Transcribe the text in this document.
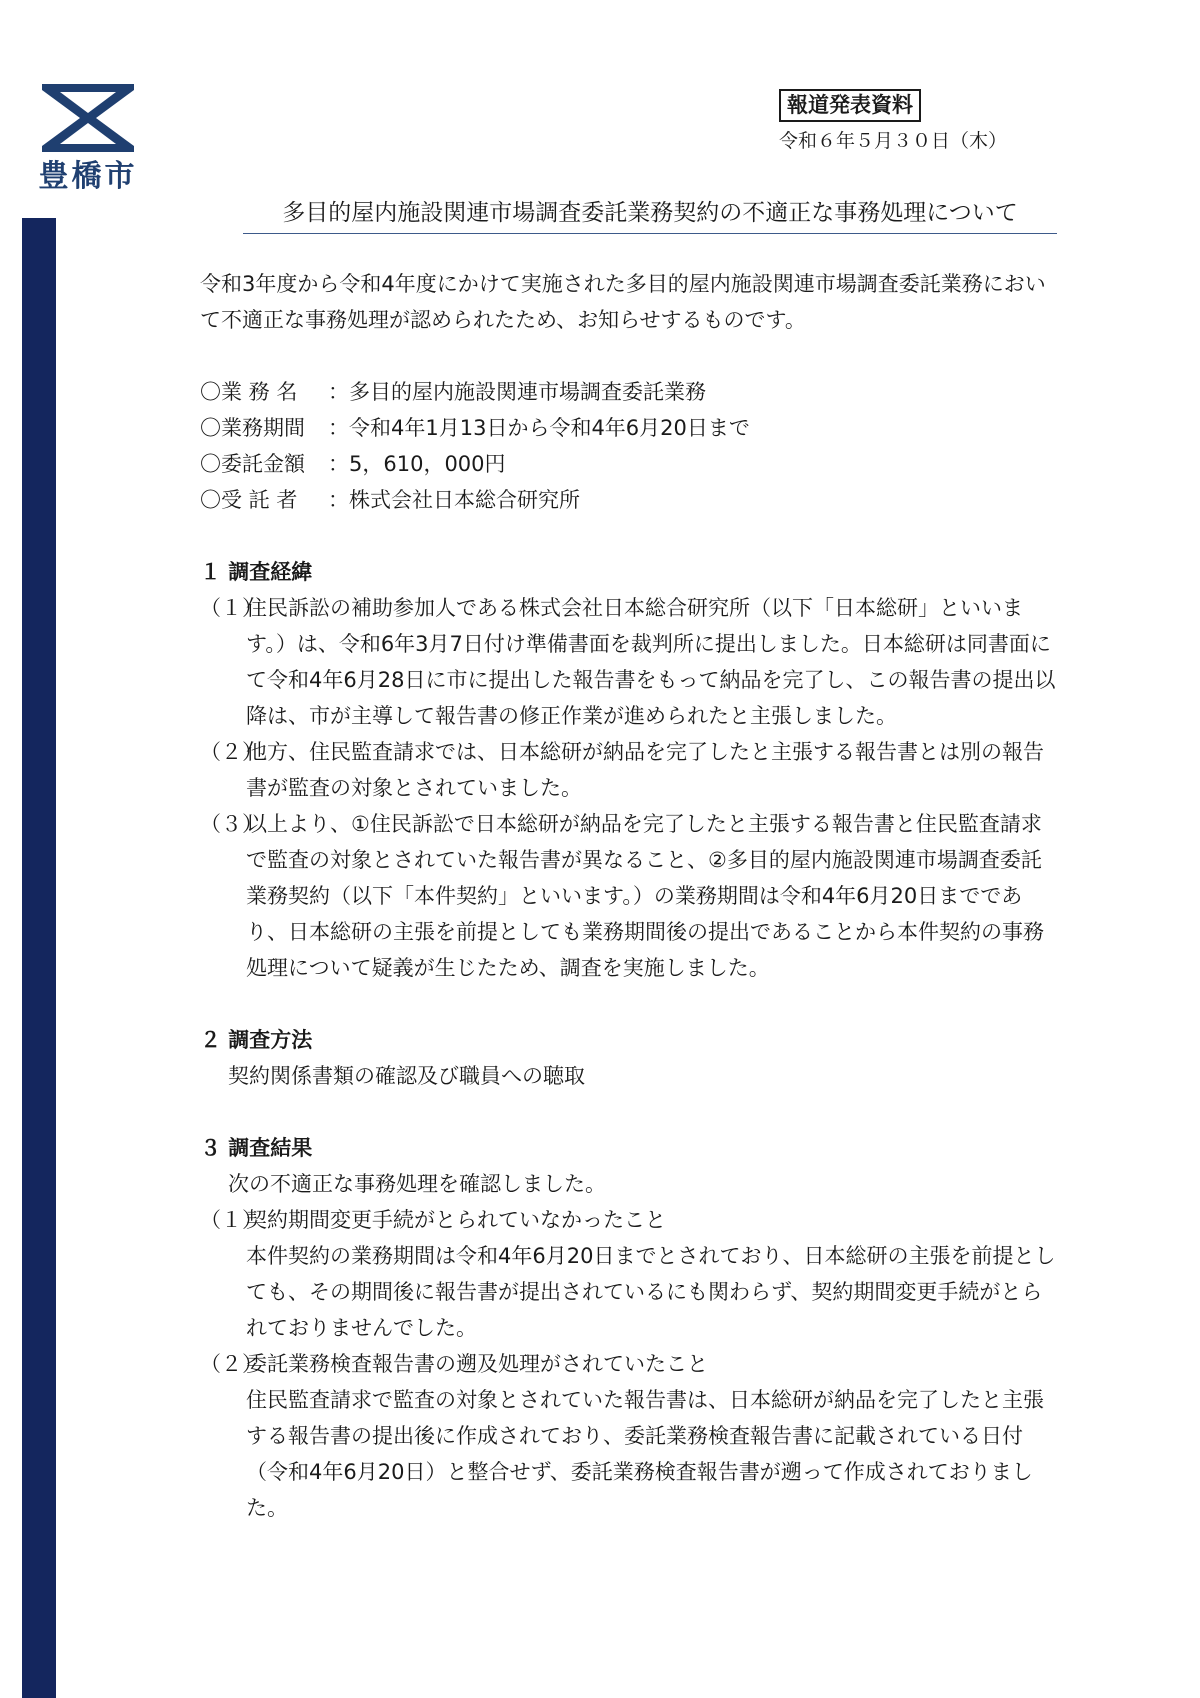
豊橋市
報道発表資料
令和６年５月３０日（木）
多目的屋内施設関連市場調査委託業務契約の不適正な事務処理について

令和3年度から令和4年度にかけて実施された多目的屋内施設関連市場調査委託業務において不適正な事務処理が認められたため、お知らせするものです。

〇業 務 名	：多目的屋内施設関連市場調査委託業務
〇業務期間	：令和4年1月13日から令和4年6月20日まで
〇委託金額	：5，610，000円
〇受 託 者	：株式会社日本総合研究所
１ 調査経緯
（１）
住民訴訟の補助参加人である株式会社日本総合研究所（以下「日本総研」といいます。）は、令和6年3月7日付け準備書面を裁判所に提出しました。日本総研は同書面にて令和4年6月28日に市に提出した報告書をもって納品を完了し、この報告書の提出以降は、市が主導して報告書の修正作業が進められたと主張しました。
（２）
他方、住民監査請求では、日本総研が納品を完了したと主張する報告書とは別の報告書が監査の対象とされていました。
（３）
以上より、①住民訴訟で日本総研が納品を完了したと主張する報告書と住民監査請求で監査の対象とされていた報告書が異なること、②多目的屋内施設関連市場調査委託業務契約（以下「本件契約」といいます。）の業務期間は令和4年6月20日までであり、日本総研の主張を前提としても業務期間後の提出であることから本件契約の事務処理について疑義が生じたため、調査を実施しました。
２ 調査方法
契約関係書類の確認及び職員への聴取
３ 調査結果
次の不適正な事務処理を確認しました。
（１）
契約期間変更手続がとられていなかったこと
本件契約の業務期間は令和4年6月20日までとされており、日本総研の主張を前提としても、その期間後に報告書が提出されているにも関わらず、契約期間変更手続がとられておりませんでした。
（２）
委託業務検査報告書の遡及処理がされていたこと
住民監査請求で監査の対象とされていた報告書は、日本総研が納品を完了したと主張する報告書の提出後に作成されており、委託業務検査報告書に記載されている日付（令和4年6月20日）と整合せず、委託業務検査報告書が遡って作成されておりました。
